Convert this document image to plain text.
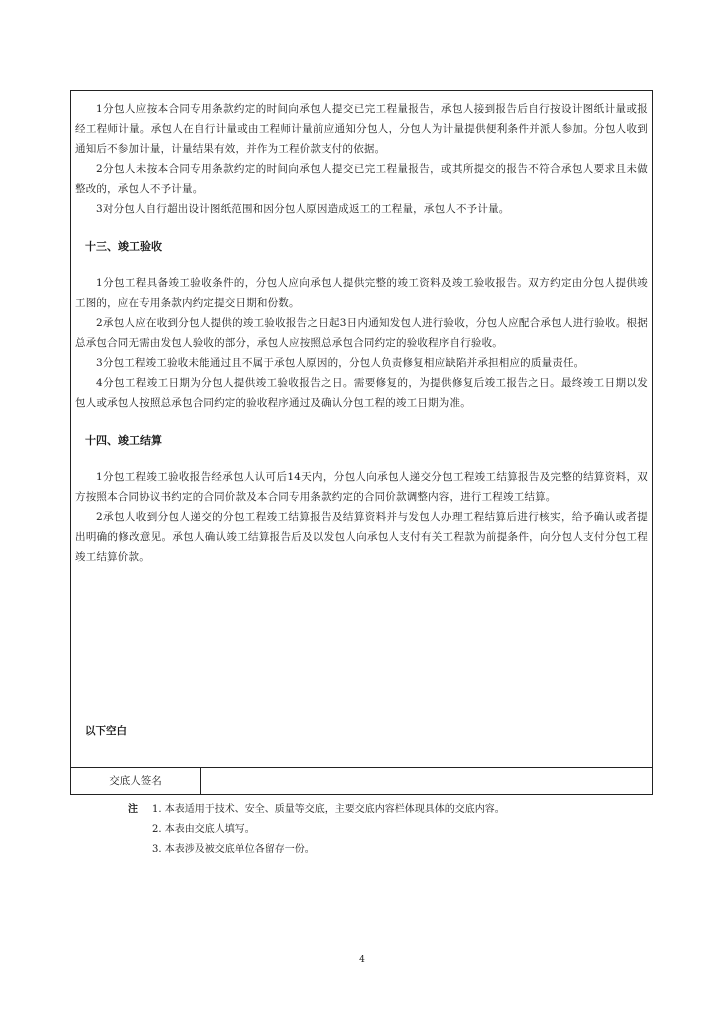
1分包人应按本合同专用条款约定的时间向承包人提交已完工程量报告，承包人接到报告后自行按设计图纸计量或报经工程师计量。承包人在自行计量或由工程师计量前应通知分包人，分包人为计量提供便利条件并派人参加。分包人收到通知后不参加计量，计量结果有效，并作为工程价款支付的依据。

2分包人未按本合同专用条款约定的时间向承包人提交已完工程量报告，或其所提交的报告不符合承包人要求且未做整改的，承包人不予计量。

3对分包人自行超出设计图纸范围和因分包人原因造成返工的工程量，承包人不予计量。

十三、竣工验收

1分包工程具备竣工验收条件的，分包人应向承包人提供完整的竣工资料及竣工验收报告。双方约定由分包人提供竣工图的，应在专用条款内约定提交日期和份数。

2承包人应在收到分包人提供的竣工验收报告之日起3日内通知发包人进行验收，分包人应配合承包人进行验收。根据总承包合同无需由发包人验收的部分，承包人应按照总承包合同约定的验收程序自行验收。

3分包工程竣工验收未能通过且不属于承包人原因的，分包人负责修复相应缺陷并承担相应的质量责任。

4分包工程竣工日期为分包人提供竣工验收报告之日。需要修复的，为提供修复后竣工报告之日。最终竣工日期以发包人或承包人按照总承包合同约定的验收程序通过及确认分包工程的竣工日期为准。

十四、竣工结算

1分包工程竣工验收报告经承包人认可后14天内，分包人向承包人递交分包工程竣工结算报告及完整的结算资料，双方按照本合同协议书约定的合同价款及本合同专用条款约定的合同价款调整内容，进行工程竣工结算。

2承包人收到分包人递交的分包工程竣工结算报告及结算资料并与发包人办理工程结算后进行核实，给予确认或者提出明确的修改意见。承包人确认竣工结算报告后及以发包人向承包人支付有关工程款为前提条件，向分包人支付分包工程竣工结算价款。

以下空白
交底人签名
注	1. 本表适用于技术、安全、质量等交底，主要交底内容栏体现具体的交底内容。
2. 本表由交底人填写。
3. 本表涉及被交底单位各留存一份。
4
